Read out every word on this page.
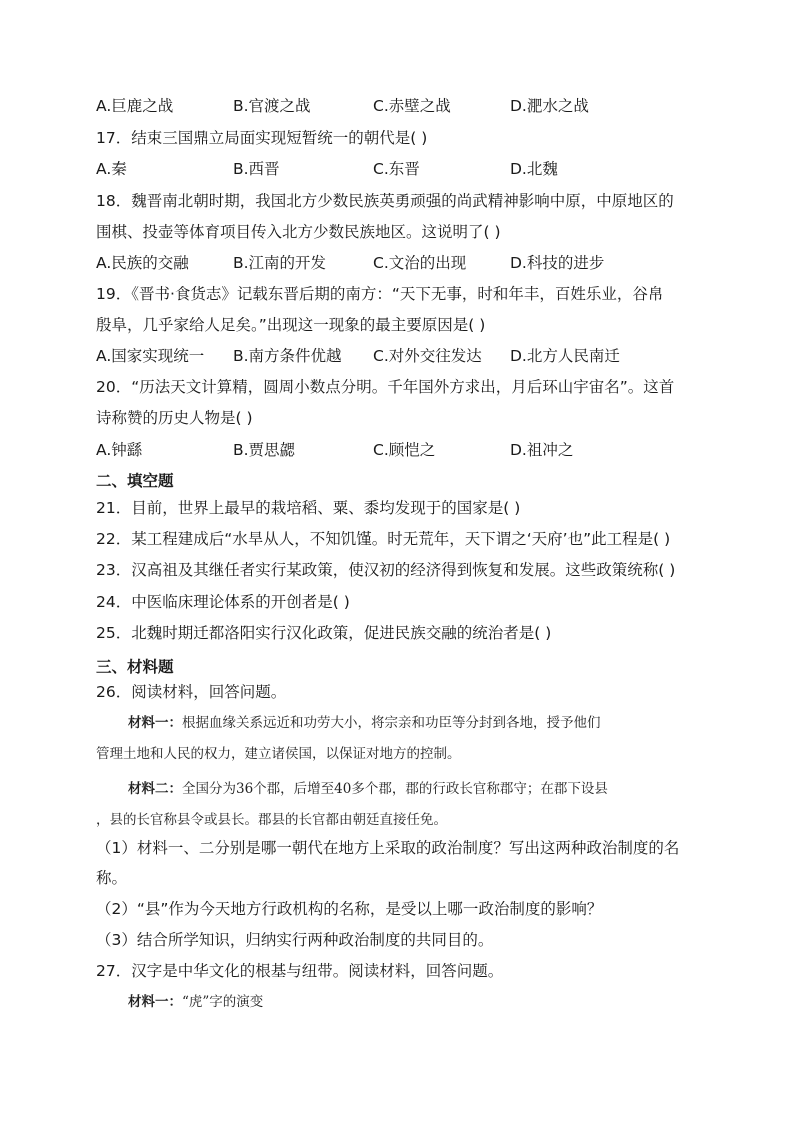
A.巨鹿之战	B.官渡之战	C.赤壁之战	D.淝水之战
17．结束三国鼎立局面实现短暂统一的朝代是( )
A.秦	B.西晋	C.东晋	D.北魏
18．魏晋南北朝时期，我国北方少数民族英勇顽强的尚武精神影响中原，中原地区的
围棋、投壶等体育项目传入北方少数民族地区。这说明了( )
A.民族的交融	B.江南的开发	C.文治的出现	D.科技的进步
19．《晋书·食货志》记载东晋后期的南方：“天下无事，时和年丰，百姓乐业，谷帛
殷阜，几乎家给人足矣。”出现这一现象的最主要原因是( )
A.国家实现统一 B.南方条件优越 C.对外交往发达 D.北方人民南迁
20．“历法天文计算精，圆周小数点分明。千年国外方求出，月后环山宇宙名”。这首
诗称赞的历史人物是( )
A.钟繇	B.贾思勰	C.顾恺之	D.祖冲之
二、填空题
21．目前，世界上最早的栽培稻、粟、黍均发现于的国家是( )
22．某工程建成后“水旱从人，不知饥馑。时无荒年，天下谓之‘天府’也”此工程是( )
23．汉高祖及其继任者实行某政策，使汉初的经济得到恢复和发展。这些政策统称( )
24．中医临床理论体系的开创者是( )
25．北魏时期迁都洛阳实行汉化政策，促进民族交融的统治者是( )
三、材料题
26．阅读材料，回答问题。
材料一：根据血缘关系远近和功劳大小，将宗亲和功臣等分封到各地，授予他们
管理土地和人民的权力，建立诸侯国，以保证对地方的控制。
材料二：全国分为36个郡，后增至40多个郡，郡的行政长官称郡守；在郡下设县
，县的长官称县令或县长。郡县的长官都由朝廷直接任免。
（1）材料一、二分别是哪一朝代在地方上采取的政治制度？写出这两种政治制度的名
称。
（2）“县”作为今天地方行政机构的名称，是受以上哪一政治制度的影响？
（3）结合所学知识，归纳实行两种政治制度的共同目的。
27．汉字是中华文化的根基与纽带。阅读材料，回答问题。
材料一：“虎”字的演变
